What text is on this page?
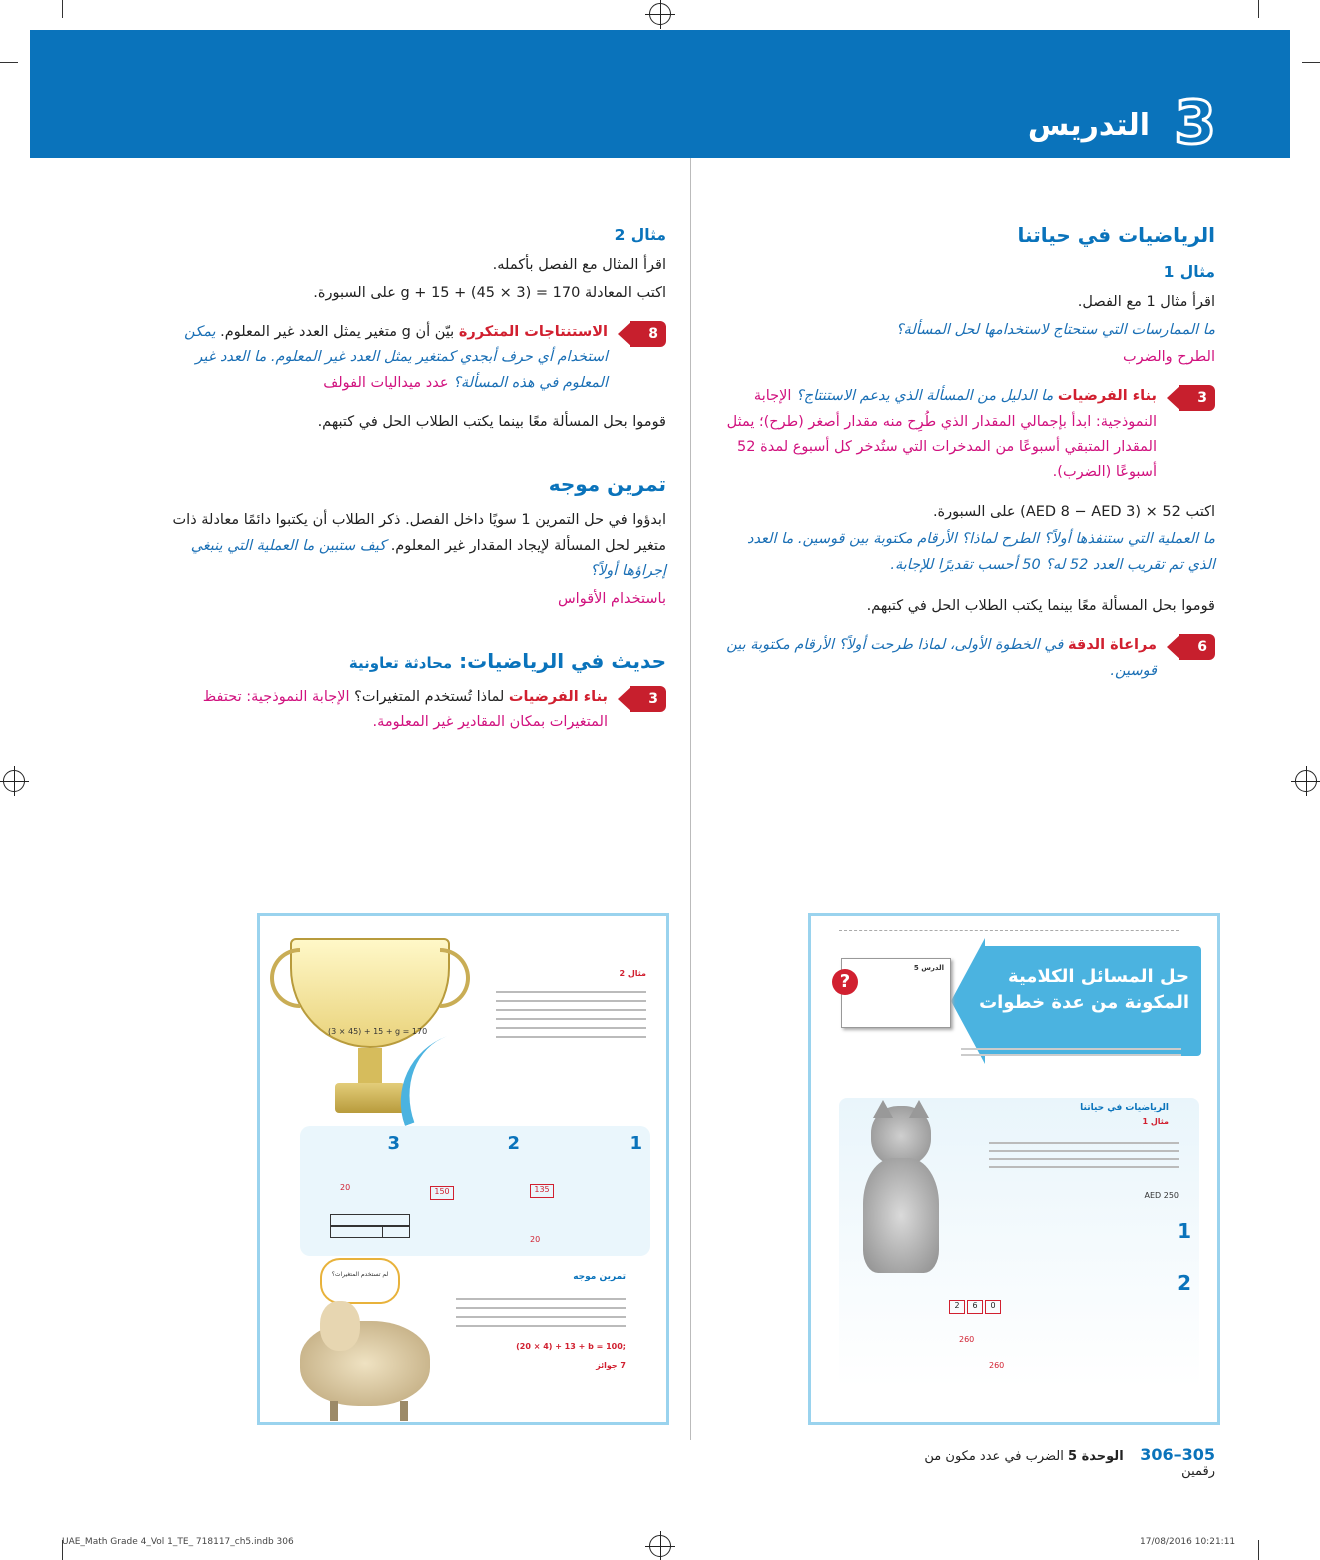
التدريس 3
الرياضيات في حياتنا
مثال 1
اقرأ مثال 1 مع الفصل.
ما الممارسات التي ستحتاج لاستخدامها لحل المسألة؟
الطرح والضرب
3
بناء الفرضيات ما الدليل من المسألة الذي يدعم الاستنتاج؟ الإجابة النموذجية: ابدأ بإجمالي المقدار الذي طُرِح منه مقدار أصغر (طرح)؛ يمثل المقدار المتبقي أسبوعًا من المدخرات التي ستُدخر كل أسبوع لمدة 52 أسبوعًا (الضرب).
اكتب 52 × (AED 8 − AED 3) على السبورة.
ما العملية التي ستنفذها أولاً؟ الطرح لماذا؟ الأرقام مكتوبة بين قوسين. ما العدد الذي تم تقريب العدد 52 له؟ 50 أحسب تقديرًا للإجابة.
قوموا بحل المسألة معًا بينما يكتب الطلاب الحل في كتبهم.
6
مراعاة الدقة في الخطوة الأولى، لماذا طرحت أولاً؟ الأرقام مكتوبة بين قوسين.
مثال 2
اقرأ المثال مع الفصل بأكمله.
اكتب المعادلة 170 = (3 × 45) + 15 + g على السبورة.
8
الاستنتاجات المتكررة بيّن أن g متغير يمثل العدد غير المعلوم. يمكن استخدام أي حرف أبجدي كمتغير يمثل العدد غير المعلوم. ما العدد غير المعلوم في هذه المسألة؟ عدد ميداليات الفولف
قوموا بحل المسألة معًا بينما يكتب الطلاب الحل في كتبهم.
تمرين موجه
ابدؤوا في حل التمرين 1 سويًا داخل الفصل. ذكر الطلاب أن يكتبوا دائمًا معادلة ذات متغير لحل المسألة لإيجاد المقدار غير المعلوم. كيف ستبين ما العملية التي ينبغي إجراؤها أولاً؟
باستخدام الأقواس
حديث في الرياضيات: محادثة تعاونية
3
بناء الفرضيات لماذا تُستخدم المتغيرات؟ الإجابة النموذجية: تحتفظ المتغيرات بمكان المقادير غير المعلومة.
حل المسائل الكلامية
المكونة من عدة خطوات
الدرس 5
?
الرياضيات في حياتنا
مثال 1
AED 250
1
2
2	6	0
260
260
(3 × 45) + 15 + g = 170
مثال 2
1
2
3
135
150
20
20
تمرين موجه
(20 × 4) + 13 + b = 100;
7 جوائز
لم تستخدم المتغيرات؟
305–306    الوحدة 5 الضرب في عدد مكون من رقمين
UAE_Math Grade 4_Vol 1_TE_ 718117_ch5.indb 306	17/08/2016 10:21:11
